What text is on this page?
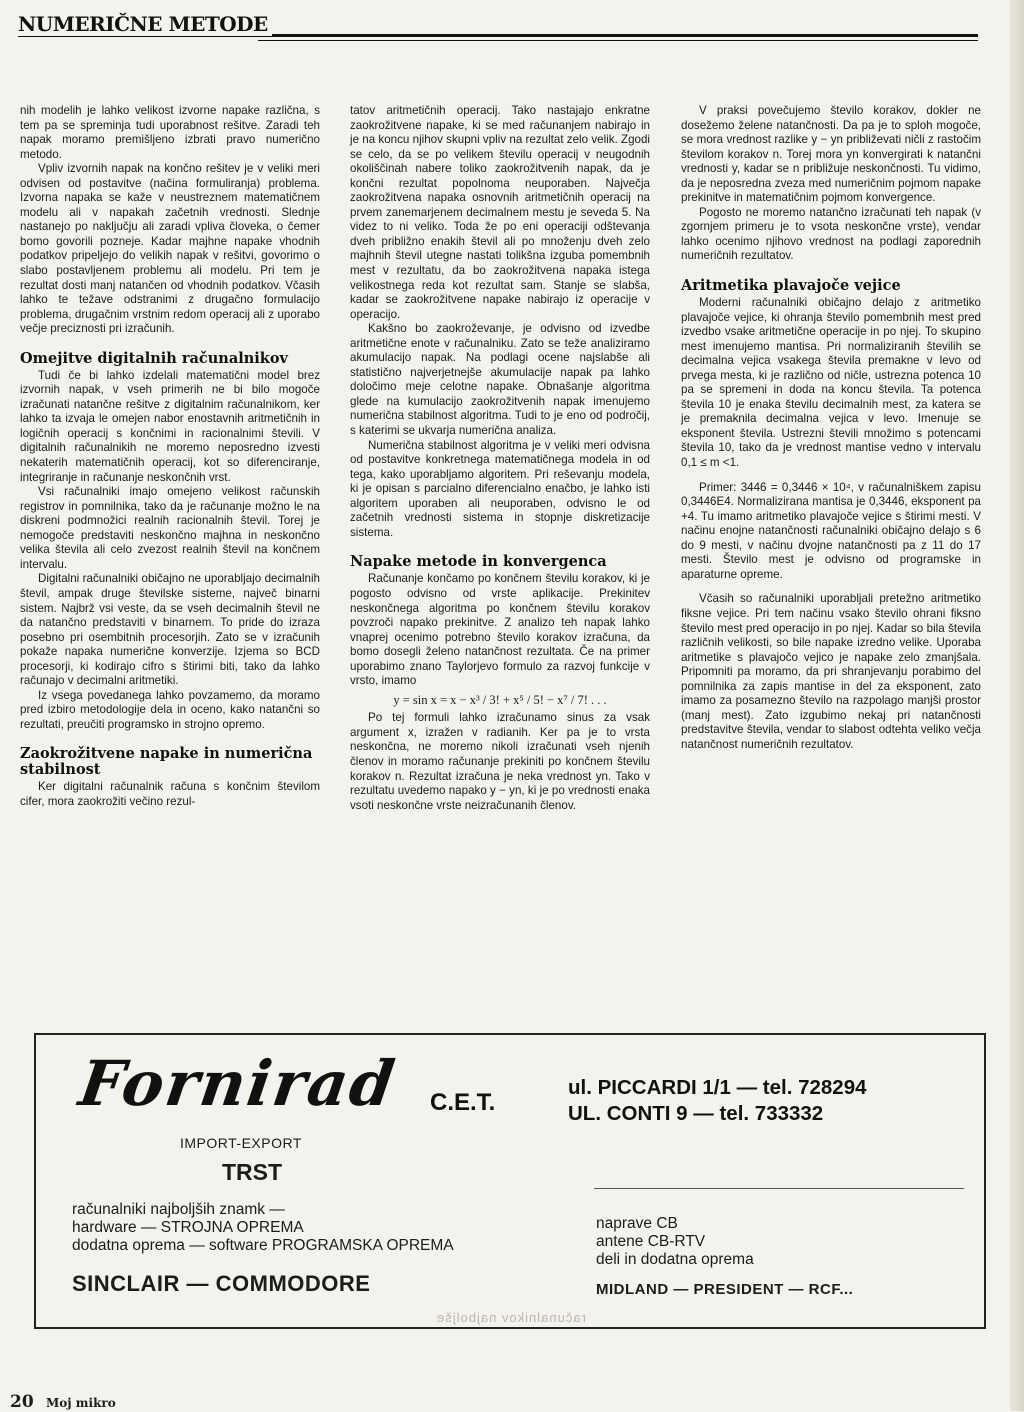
NUMERIČNE METODE

nih modelih je lahko velikost izvorne napake različna, s tem pa se spreminja tudi uporabnost rešitve. Zaradi teh napak moramo premišljeno izbrati pravo numerično metodo.

Vpliv izvornih napak na končno rešitev je v veliki meri odvisen od postavitve (načina formuliranja) problema. Izvorna napaka se kaže v neustreznem matematičnem modelu ali v napakah začetnih vrednosti. Slednje nastanejo po naključju ali zaradi vpliva človeka, o čemer bomo govorili pozneje. Kadar majhne napake vhodnih podatkov pripeljejo do velikih napak v rešitvi, govorimo o slabo postavljenem problemu ali modelu. Pri tem je rezultat dosti manj natančen od vhodnih podatkov. Včasih lahko te težave odstranimi z drugačno formulacijo problema, drugačnim vrstnim redom operacij ali z uporabo večje preciznosti pri izračunih.

Omejitve digitalnih računalnikov

Tudi če bi lahko izdelali matematični model brez izvornih napak, v vseh primerih ne bi bilo mogoče izračunati natančne rešitve z digitalnim računalnikom, ker lahko ta izvaja le omejen nabor enostavnih aritmetičnih in logičnih operacij s končnimi in racionalnimi števili. V digitalnih računalnikih ne moremo neposredno izvesti nekaterih matematičnih operacij, kot so diferenciranje, integriranje in računanje neskončnih vrst.

Vsi računalniki imajo omejeno velikost računskih registrov in pomnilnika, tako da je računanje možno le na diskreni podmnožici realnih racionalnih števil. Torej je nemogoče predstaviti neskončno majhna in neskončno velika števila ali celo zvezost realnih števil na končnem intervalu.

Digitalni računalniki običajno ne uporabljajo decimalnih števil, ampak druge številske sisteme, največ binarni sistem. Najbrž vsi veste, da se vseh decimalnih števil ne da natančno predstaviti v binarnem. To pride do izraza posebno pri osembitnih procesorjih. Zato se v izračunih pokaže napaka numerične konverzije. Izjema so BCD procesorji, ki kodirajo cifro s štirimi biti, tako da lahko računajo v decimalni aritmetiki.

Iz vsega povedanega lahko povzamemo, da moramo pred izbiro metodologije dela in oceno, kako natančni so rezultati, preučiti programsko in strojno opremo.

Zaokrožitvene napake in numerična stabilnost

Ker digitalni računalnik računa s končnim številom cifer, mora zaokrožiti večino rezul-

tatov aritmetičnih operacij. Tako nastajajo enkratne zaokrožitvene napake, ki se med računanjem nabirajo in je na koncu njihov skupni vpliv na rezultat zelo velik. Zgodi se celo, da se po velikem številu operacij v neugodnih okoliščinah nabere toliko zaokrožitvenih napak, da je končni rezultat popolnoma neuporaben. Največja zaokrožitvena napaka osnovnih aritmetičnih operacij na prvem zanemarjenem decimalnem mestu je seveda 5. Na videz to ni veliko. Toda že po eni operaciji odštevanja dveh približno enakih števil ali po množenju dveh zelo majhnih števil utegne nastati tolikšna izguba pomembnih mest v rezultatu, da bo zaokrožitvena napaka istega velikostnega reda kot rezultat sam. Stanje se slabša, kadar se zaokrožitvene napake nabirajo iz operacije v operacijo.

Kakšno bo zaokroževanje, je odvisno od izvedbe aritmetične enote v računalniku. Zato se teže analiziramo akumulacijo napak. Na podlagi ocene najslabše ali statistično najverjetnejše akumulacije napak pa lahko določimo meje celotne napake. Obnašanje algoritma glede na kumulacijo zaokrožitvenih napak imenujemo numerična stabilnost algoritma. Tudi to je eno od področij, s katerimi se ukvarja numerična analiza.

Numerična stabilnost algoritma je v veliki meri odvisna od postavitve konkretnega matematičnega modela in od tega, kako uporabljamo algoritem. Pri reševanju modela, ki je opisan s parcialno diferencialno enačbo, je lahko isti algoritem uporaben ali neuporaben, odvisno le od začetnih vrednosti sistema in stopnje diskretizacije sistema.

Napake metode in konvergenca

Računanje končamo po končnem številu korakov, ki je pogosto odvisno od vrste aplikacije. Prekinitev neskončnega algoritma po končnem številu korakov povzroči napako prekinitve. Z analizo teh napak lahko vnaprej ocenimo potrebno število korakov izračuna, da bomo dosegli želeno natančnost rezultata. Če na primer uporabimo znano Taylorjevo formulo za razvoj funkcije v vrsto, imamo

y = sin x = x − x³ / 3! + x⁵ / 5! − x⁷ / 7! . . .

Po tej formuli lahko izračunamo sinus za vsak argument x, izražen v radianih. Ker pa je to vrsta neskončna, ne moremo nikoli izračunati vseh njenih členov in moramo računanje prekiniti po končnem številu korakov n. Rezultat izračuna je neka vrednost yn. Tako v rezultatu uvedemo napako y − yn, ki je po vrednosti enaka vsoti neskončne vrste neizračunanih členov.

V praksi povečujemo število korakov, dokler ne dosežemo želene natančnosti. Da pa je to sploh mogoče, se mora vrednost razlike y − yn približevati ničli z rastočim številom korakov n. Torej mora yn konvergirati k natančni vrednosti y, kadar se n približuje neskončnosti. Tu vidimo, da je neposredna zveza med numeričnim pojmom napake prekinitve in matematičnim pojmom konvergence.

Pogosto ne moremo natančno izračunati teh napak (v zgornjem primeru je to vsota neskončne vrste), vendar lahko ocenimo njihovo vrednost na podlagi zaporednih numeričnih rezultatov.

Aritmetika plavajoče vejice

Moderni računalniki običajno delajo z aritmetiko plavajoče vejice, ki ohranja število pomembnih mest pred izvedbo vsake aritmetične operacije in po njej. To skupino mest imenujemo mantisa. Pri normaliziranih številih se decimalna vejica vsakega števila premakne v levo od prvega mesta, ki je različno od ničle, ustrezna potenca 10 pa se spremeni in doda na koncu števila. Ta potenca števila 10 je enaka številu decimalnih mest, za katera se je premaknila decimalna vejica v levo. Imenuje se eksponent števila. Ustrezni števili množimo s potencami števila 10, tako da je vrednost mantise vedno v intervalu 0,1 ≤ m <1.

Primer: 3446 = 0,3446 × 10⁴, v računalniškem zapisu 0,3446E4. Normalizirana mantisa je 0,3446, eksponent pa +4. Tu imamo aritmetiko plavajoče vejice s štirimi mesti. V načinu enojne natančnosti računalniki običajno delajo s 6 do 9 mesti, v načinu dvojne natančnosti pa z 11 do 17 mesti. Število mest je odvisno od programske in aparaturne opreme.

Včasih so računalniki uporabljali pretežno aritmetiko fiksne vejice. Pri tem načinu vsako število ohrani fiksno število mest pred operacijo in po njej. Kadar so bila števila različnih velikosti, so bile napake izredno velike. Uporaba aritmetike s plavajočo vejico je napake zelo zmanjšala. Pripomniti pa moramo, da pri shranjevanju porabimo del pomnilnika za zapis mantise in del za eksponent, zato imamo za posamezno število na razpolago manjši prostor (manj mest). Zato izgubimo nekaj pri natančnosti predstavitve števila, vendar to slabost odtehta veliko večja natančnost numeričnih rezultatov.

Fornirad C.E.T.
ul. PICCARDI 1/1 — tel. 728294
UL. CONTI 9 — tel. 733332
IMPORT-EXPORT
TRST
računalniki najboljših znamk —
hardware — STROJNA OPREMA
dodatna oprema — software PROGRAMSKA OPREMA
naprave CB
antene CB-RTV
deli in dodatna oprema
SINCLAIR — COMMODORE	MIDLAND — PRESIDENT — RCF...
računalnikov najboljše
20 Moj mikro
